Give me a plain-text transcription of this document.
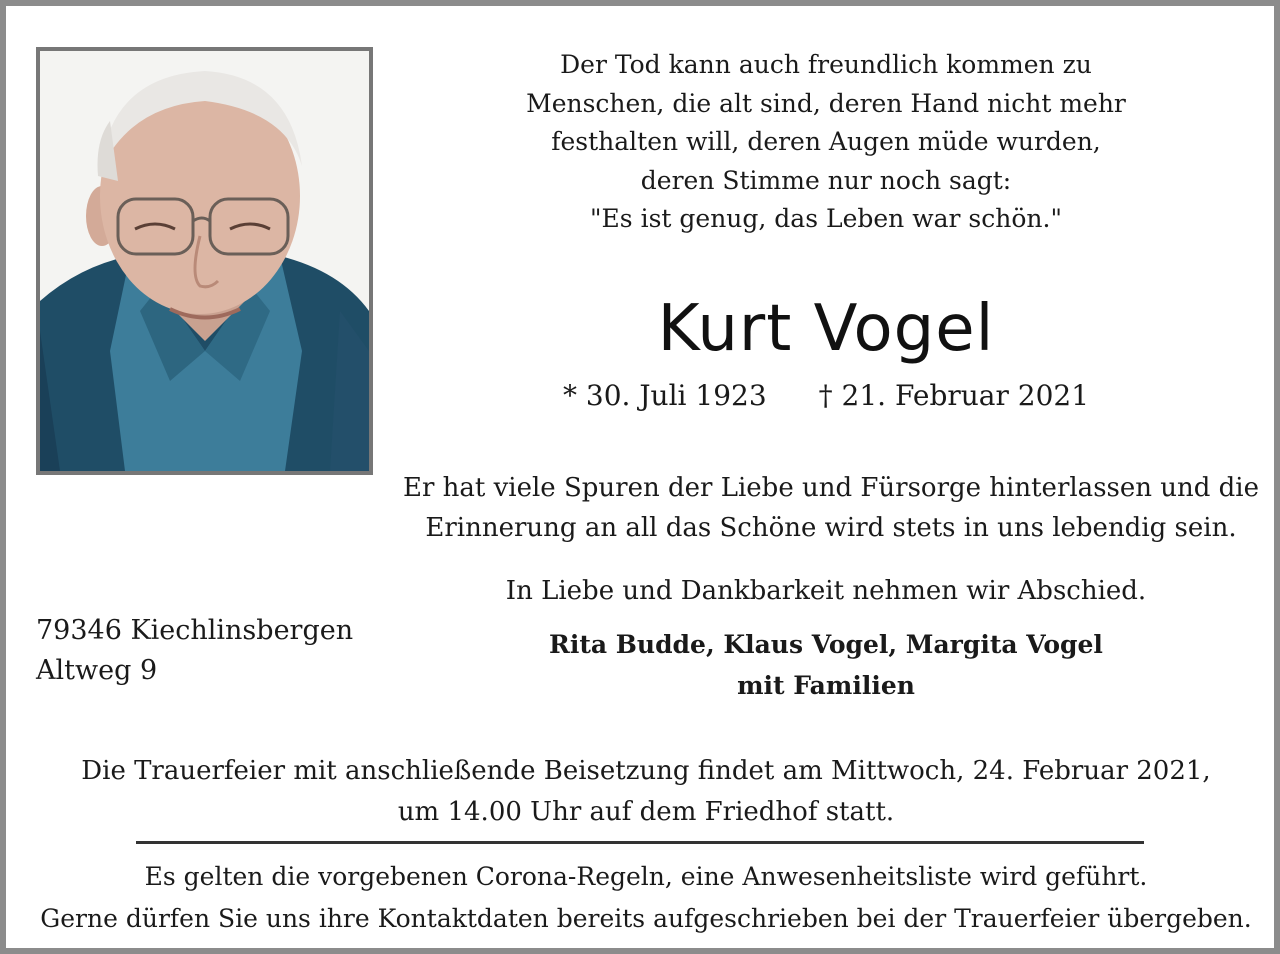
Der Tod kann auch freundlich kommen zu
Menschen, die alt sind, deren Hand nicht mehr
festhalten will, deren Augen müde wurden,
deren Stimme nur noch sagt:
"Es ist genug, das Leben war schön."
Kurt Vogel
* 30. Juli 1923 † 21. Februar 2021
Er hat viele Spuren der Liebe und Fürsorge hinterlassen und die
Erinnerung an all das Schöne wird stets in uns lebendig sein.
In Liebe und Dankbarkeit nehmen wir Abschied.
Rita Budde, Klaus Vogel, Margita Vogel
mit Familien
79346 Kiechlinsbergen
Altweg 9
Die Trauerfeier mit anschließende Beisetzung findet am Mittwoch, 24. Februar 2021,
um 14.00 Uhr auf dem Friedhof statt.
Es gelten die vorgebenen Corona-Regeln, eine Anwesenheitsliste wird geführt.
Gerne dürfen Sie uns ihre Kontaktdaten bereits aufgeschrieben bei der Trauerfeier übergeben.
